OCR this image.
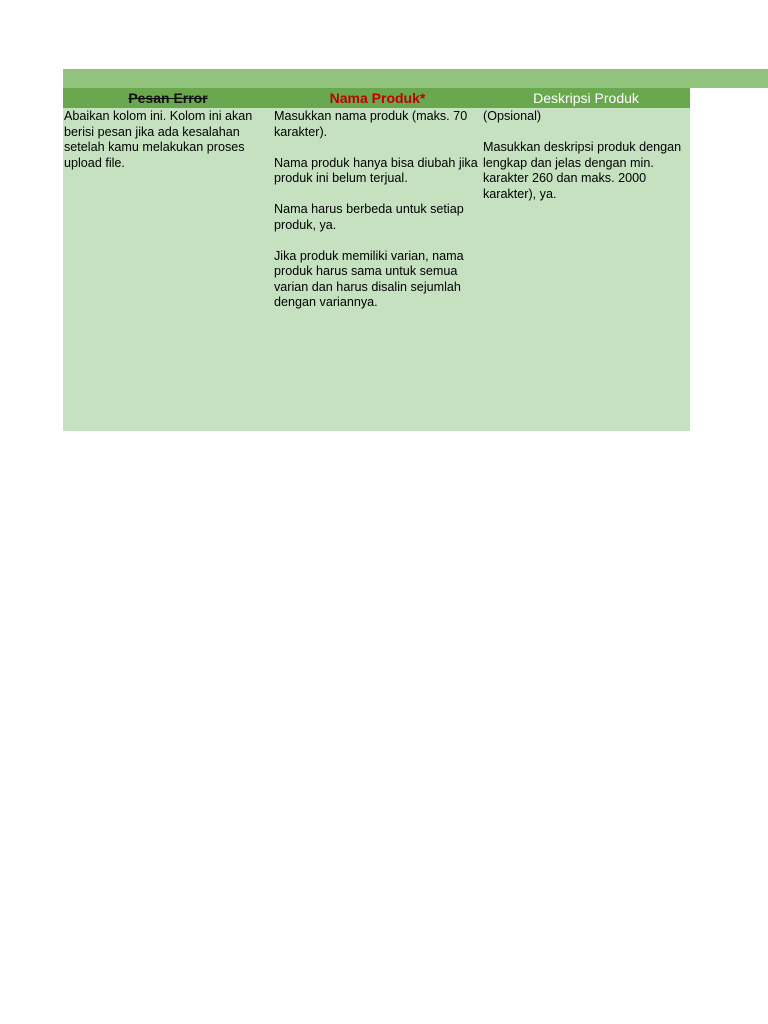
Pesan Error	Nama Produk*	Deskripsi Produk

Abaikan kolom ini. Kolom ini akan berisi pesan jika ada kesalahan setelah kamu melakukan proses upload file.

Masukkan nama produk (maks. 70 karakter).

Nama produk hanya bisa diubah jika produk ini belum terjual.

Nama harus berbeda untuk setiap produk, ya.

Jika produk memiliki varian, nama produk harus sama untuk semua varian dan harus disalin sejumlah dengan variannya.

(Opsional)

Masukkan deskripsi produk dengan lengkap dan jelas dengan min. karakter 260 dan maks. 2000 karakter), ya.
